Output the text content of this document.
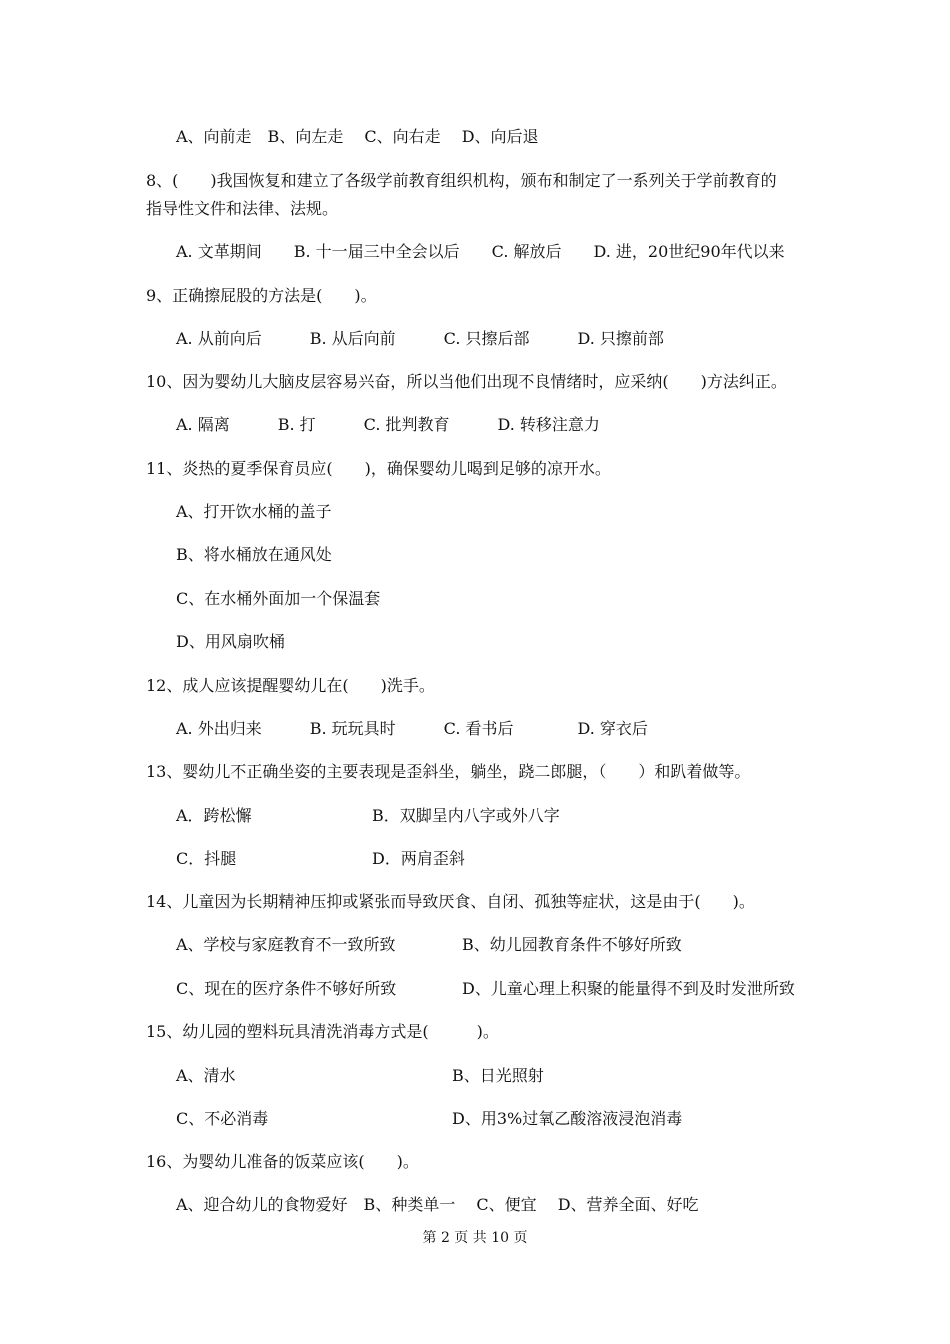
A、向前走　B、向左走　 C、向右走　 D、向后退
8、(　　)我国恢复和建立了各级学前教育组织机构，颁布和制定了一系列关于学前教育的
指导性文件和法律、法规。
A. 文革期间　　B. 十一届三中全会以后　　C. 解放后　　D. 进，20世纪90年代以来
9、正确擦屁股的方法是(　　)。
A. 从前向后　　　B. 从后向前　　　C. 只擦后部　　　D. 只擦前部
10、因为婴幼儿大脑皮层容易兴奋，所以当他们出现不良情绪时，应采纳(　　)方法纠正。
A. 隔离　　　B. 打　　　C. 批判教育　　　D. 转移注意力
11、炎热的夏季保育员应(　　)，确保婴幼儿喝到足够的凉开水。
A、打开饮水桶的盖子
B、将水桶放在通风处
C、在水桶外面加一个保温套
D、用风扇吹桶
12、成人应该提醒婴幼儿在(　　)洗手。
A. 外出归来　　　B. 玩玩具时　　　C. 看书后　　　　D. 穿衣后
13、婴幼儿不正确坐姿的主要表现是歪斜坐，躺坐，跷二郎腿，（　　）和趴着做等。
A．跨松懈	B．双脚呈内八字或外八字
C．抖腿	D．两肩歪斜
14、儿童因为长期精神压抑或紧张而导致厌食、自闭、孤独等症状，这是由于(　　)。
A、学校与家庭教育不一致所致	B、幼儿园教育条件不够好所致
C、现在的医疗条件不够好所致	D、儿童心理上积聚的能量得不到及时发泄所致
15、幼儿园的塑料玩具清洗消毒方式是(　　　)。
A、清水	B、日光照射
C、不必消毒	D、用3%过氧乙酸溶液浸泡消毒
16、为婴幼儿准备的饭菜应该(　　)。
A、迎合幼儿的食物爱好　B、种类单一　 C、便宜　 D、营养全面、好吃
第 2 页 共 10 页
